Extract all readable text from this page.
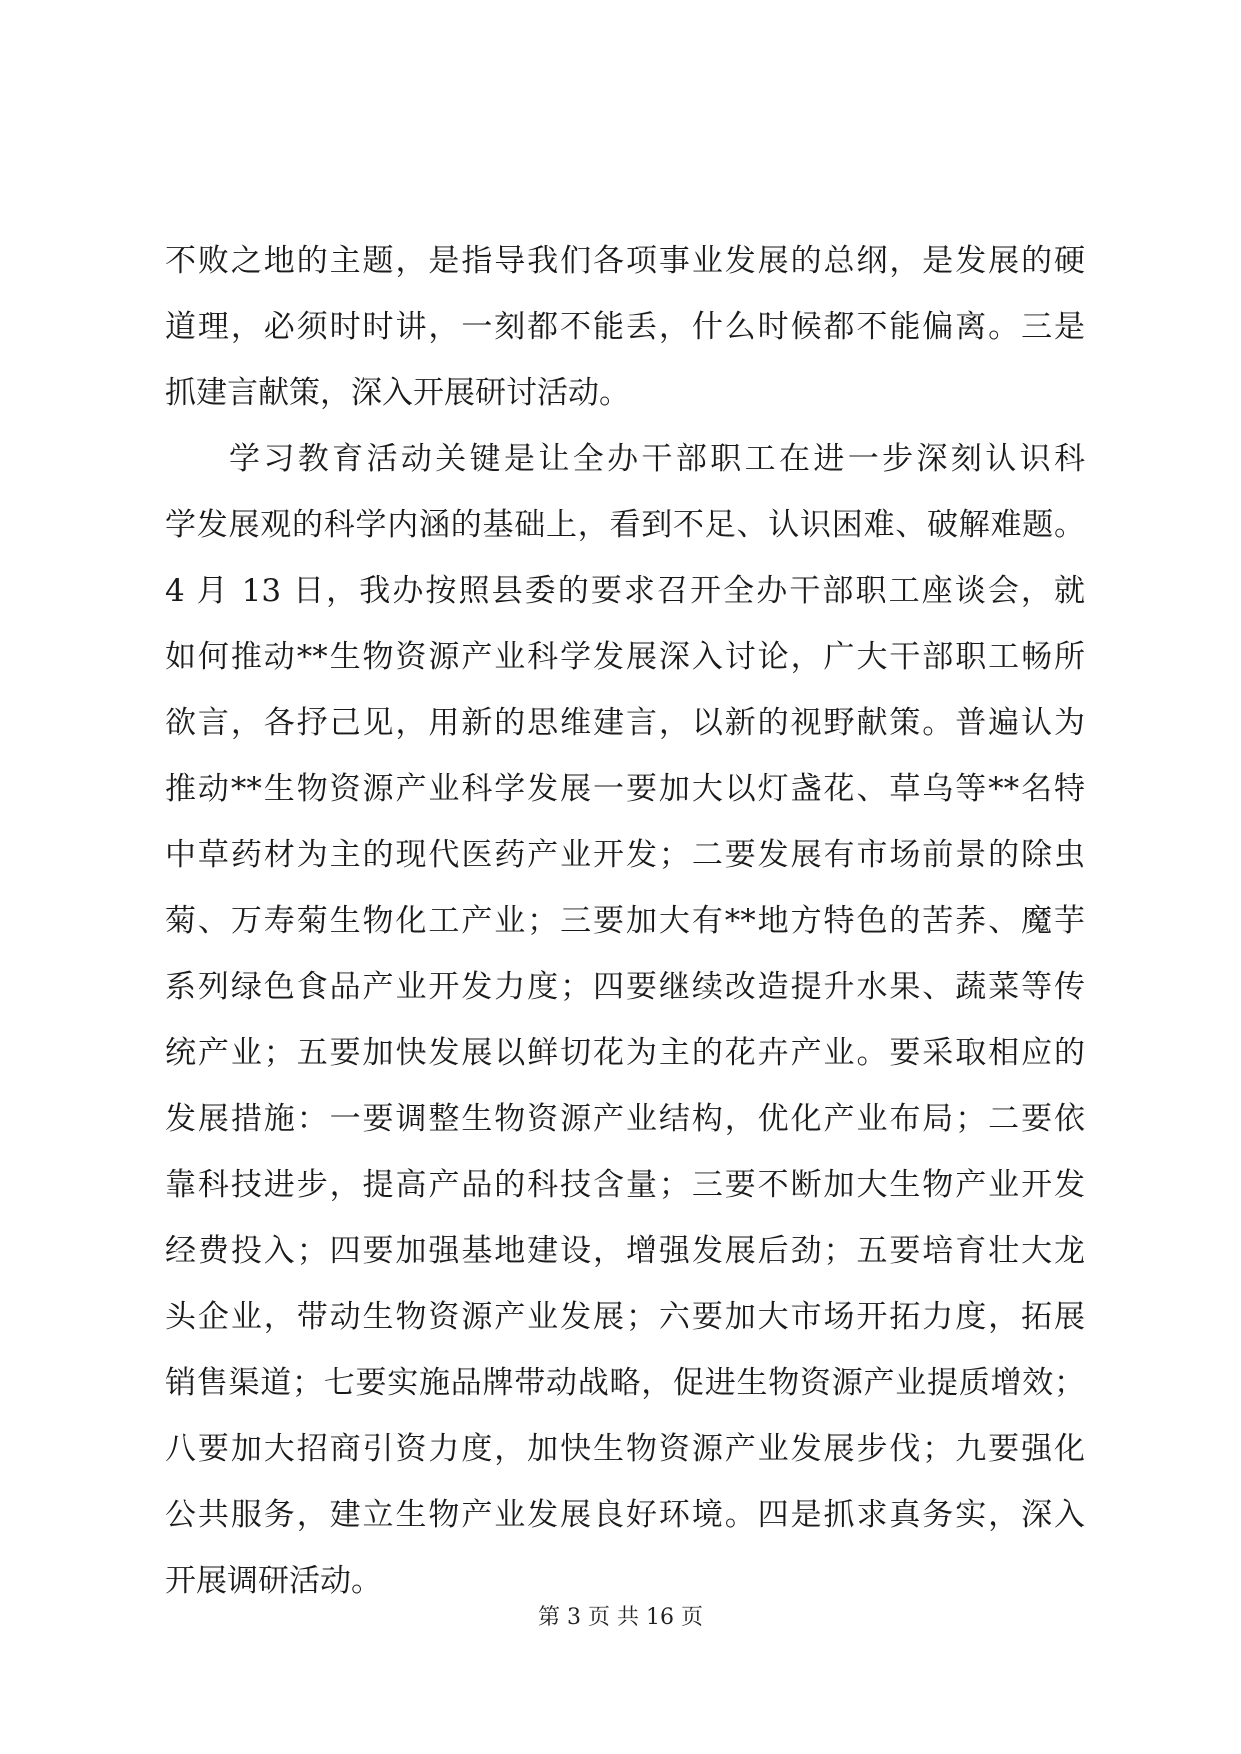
不败之地的主题，是指导我们各项事业发展的总纲，是发展的硬
道理，必须时时讲，一刻都不能丢，什么时候都不能偏离。三是
抓建言献策，深入开展研讨活动。
学习教育活动关键是让全办干部职工在进一步深刻认识科
学发展观的科学内涵的基础上，看到不足、认识困难、破解难题。
4 月 13 日，我办按照县委的要求召开全办干部职工座谈会，就
如何推动**生物资源产业科学发展深入讨论，广大干部职工畅所
欲言，各抒己见，用新的思维建言，以新的视野献策。普遍认为
推动**生物资源产业科学发展一要加大以灯盏花、草乌等**名特
中草药材为主的现代医药产业开发；二要发展有市场前景的除虫
菊、万寿菊生物化工产业；三要加大有**地方特色的苦荞、魔芋
系列绿色食品产业开发力度；四要继续改造提升水果、蔬菜等传
统产业；五要加快发展以鲜切花为主的花卉产业。要采取相应的
发展措施：一要调整生物资源产业结构，优化产业布局；二要依
靠科技进步，提高产品的科技含量；三要不断加大生物产业开发
经费投入；四要加强基地建设，增强发展后劲；五要培育壮大龙
头企业，带动生物资源产业发展；六要加大市场开拓力度，拓展
销售渠道；七要实施品牌带动战略，促进生物资源产业提质增效；
八要加大招商引资力度，加快生物资源产业发展步伐；九要强化
公共服务，建立生物产业发展良好环境。四是抓求真务实，深入
开展调研活动。
第 3 页 共 16 页
